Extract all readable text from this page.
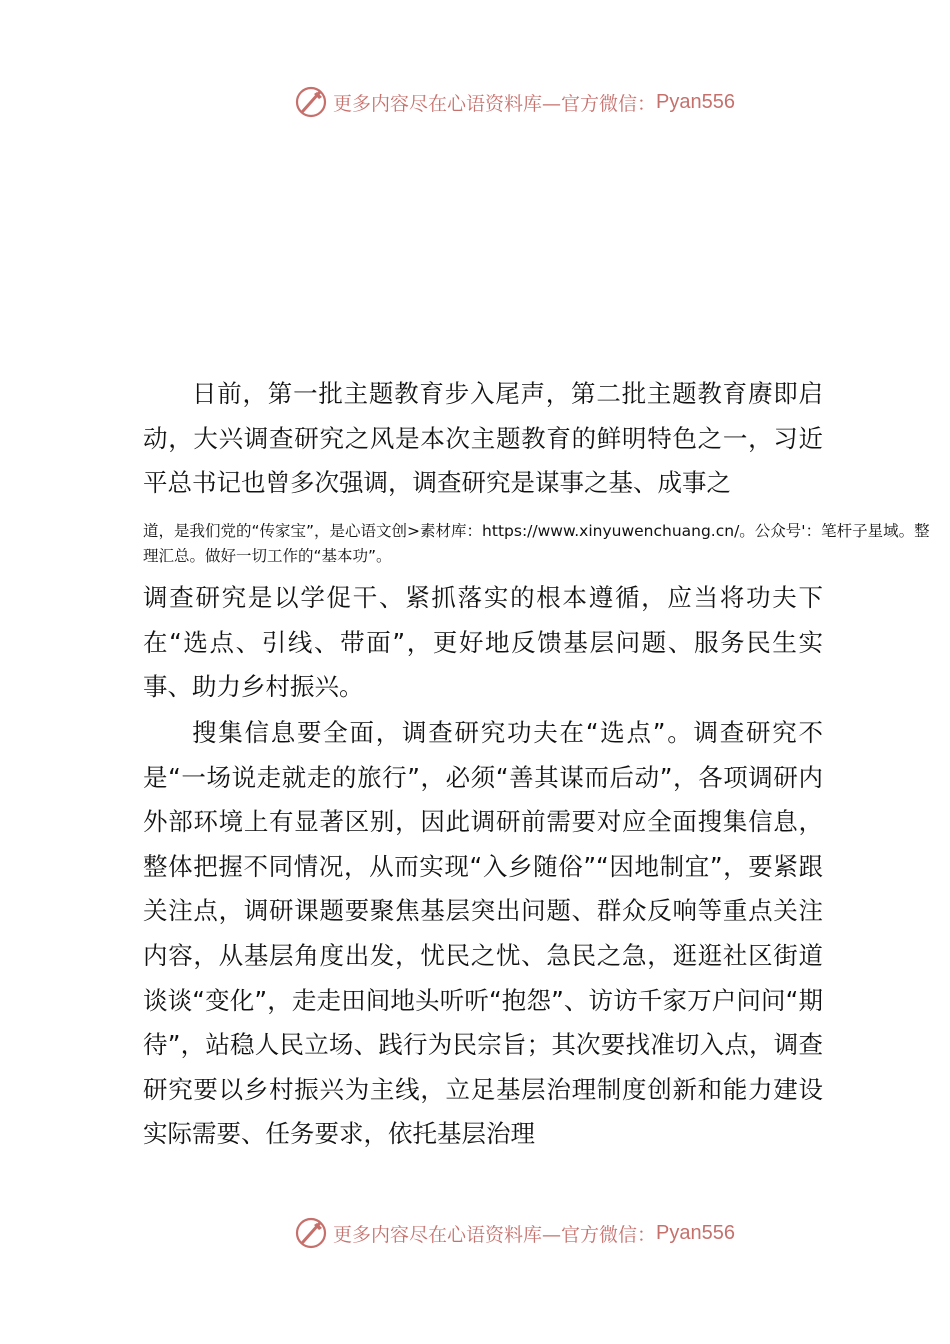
更多内容尽在心语资料库—官方微信： Pyan556

日前，第一批主题教育步入尾声，第二批主题教育赓即启动，大兴调查研究之风是本次主题教育的鲜明特色之一，习近平总书记也曾多次强调，调查研究是谋事之基、成事之

道，是我们党的“传家宝”，是心语文创>素材库：https://www.xinyuwenchuang.cn/。公众号'：笔杆子星域。整理汇总。做好一切工作的“基本功”。

调查研究是以学促干、紧抓落实的根本遵循，应当将功夫下在“选点、引线、带面”，更好地反馈基层问题、服务民生实事、助力乡村振兴。

搜集信息要全面，调查研究功夫在“选点”。调查研究不是“一场说走就走的旅行”，必须“善其谋而后动”，各项调研内外部环境上有显著区别，因此调研前需要对应全面搜集信息，整体把握不同情况，从而实现“入乡随俗”“因地制宜”，要紧跟关注点，调研课题要聚焦基层突出问题、群众反响等重点关注内容，从基层角度出发，忧民之忧、急民之急，逛逛社区街道谈谈“变化”，走走田间地头听听“抱怨”、访访千家万户问问“期待”，站稳人民立场、践行为民宗旨；其次要找准切入点，调查研究要以乡村振兴为主线，立足基层治理制度创新和能力建设实际需要、任务要求，依托基层治理

更多内容尽在心语资料库—官方微信： Pyan556
